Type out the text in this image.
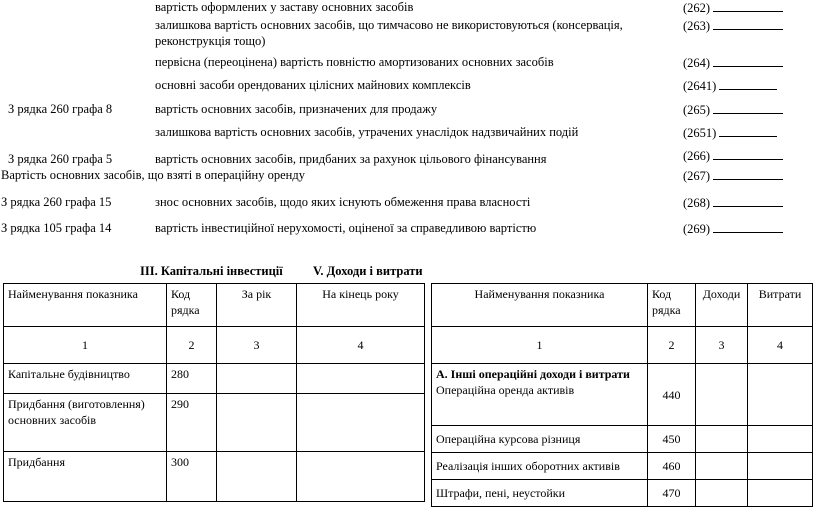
вартість оформлених у заставу основних засобів	(262)
залишкова вартість основних засобів, що тимчасово не використовуються (консервація,
реконструкція тощо)
(263)
первісна (переоцінена) вартість повністю амортизованих основних засобів	(264)
основні засоби орендованих цілісних майнових комплексів	(2641)
З рядка 260 графа 8	вартість основних засобів, призначених для продажу	(265)
залишкова вартість основних засобів, утрачених унаслідок надзвичайних подій	(2651)
З рядка 260 графа 5	вартість основних засобів, придбаних за рахунок цільового фінансування	(266)
Вартість основних засобів, що взяті в операційну оренду	(267)
З рядка 260 графа 15	знос основних засобів, щодо яких існують обмеження права власності	(268)
З рядка 105 графа 14	вартість інвестиційної нерухомості, оціненої за справедливою вартістю	(269)
ІІІ. Капітальні інвестиції V. Доходи і витрати
Найменування показника	Код рядка	За рік	На кінець року
1	2	3	4
Капітальне будівництво	280		
Придбання (виготовлення) основних засобів	290		
Придбання	300		
Найменування показника	Код рядка	Доходи	Витрати
1	2	3	4
А. Інші операційні доходи і витрати Операційна оренда активів	440		
Операційна курсова різниця	450		
Реалізація інших оборотних активів	460		
Штрафи, пені, неустойки	470		
